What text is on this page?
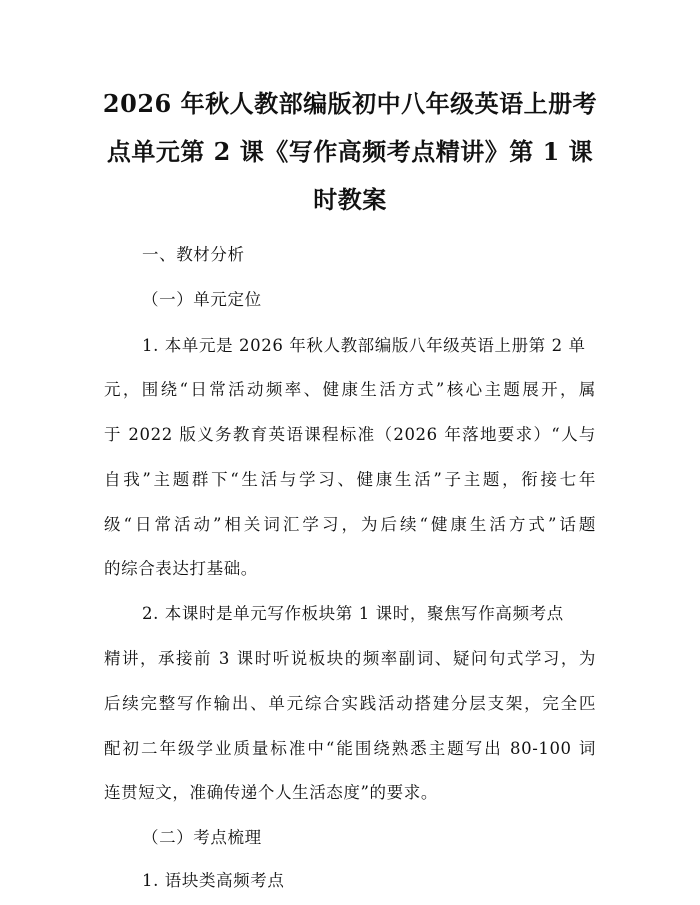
2026 年秋人教部编版初中八年级英语上册考
点单元第 2 课《写作高频考点精讲》第 1 课
时教案
一、教材分析
（一）单元定位
1. 本单元是 2026 年秋人教部编版八年级英语上册第 2 单
元，围绕“日常活动频率、健康生活方式”核心主题展开，属
于 2022 版义务教育英语课程标准（2026 年落地要求）“人与
自我”主题群下“生活与学习、健康生活”子主题，衔接七年
级“日常活动”相关词汇学习，为后续“健康生活方式”话题
的综合表达打基础。
2. 本课时是单元写作板块第 1 课时，聚焦写作高频考点
精讲，承接前 3 课时听说板块的频率副词、疑问句式学习，为
后续完整写作输出、单元综合实践活动搭建分层支架，完全匹
配初二年级学业质量标准中“能围绕熟悉主题写出 80-100 词
连贯短文，准确传递个人生活态度”的要求。
（二）考点梳理
1. 语块类高频考点
